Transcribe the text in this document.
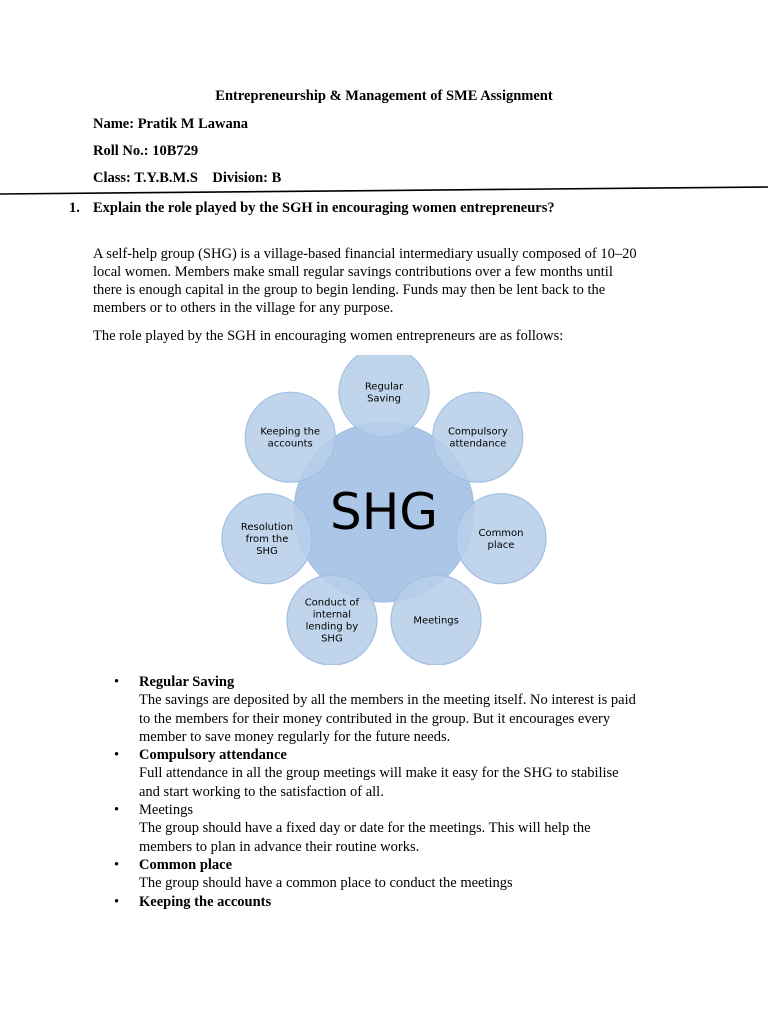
Entrepreneurship & Management of SME Assignment
Name: Pratik M Lawana
Roll No.: 10B729
Class: T.Y.B.M.S    Division: B
1. Explain the role played by the SGH in encouraging women entrepreneurs?
A self-help group (SHG) is a village-based financial intermediary usually composed of 10–20
local women. Members make small regular savings contributions over a few months until
there is enough capital in the group to begin lending. Funds may then be lent back to the
members or to others in the village for any purpose.
The role played by the SGH in encouraging women entrepreneurs are as follows:
Regular
Saving
Compulsory
attendance
Common
place
Meetings
Conduct of
internal
lending by
SHG
Resolution
from the
SHG
Keeping the
accounts
SHG
• Regular Saving
The savings are deposited by all the members in the meeting itself. No interest is paid
to the members for their money contributed in the group. But it encourages every
member to save money regularly for the future needs.
• Compulsory attendance
Full attendance in all the group meetings will make it easy for the SHG to stabilise
and start working to the satisfaction of all.
• Meetings
The group should have a fixed day or date for the meetings. This will help the
members to plan in advance their routine works.
• Common place
The group should have a common place to conduct the meetings
• Keeping the accounts
